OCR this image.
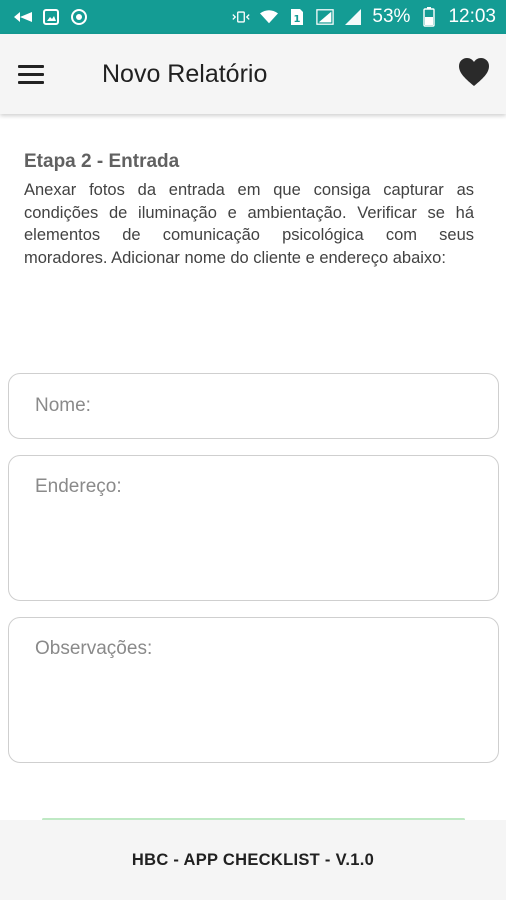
1	53% 12:03
Novo Relatório
Etapa 2 - Entrada
Anexar fotos da entrada em que consiga capturar as condições de iluminação e ambientação. Verificar se há elementos de comunicação psicológica com seus moradores. Adicionar nome do cliente e endereço abaixo:
Nome:
Endereço:
Observações:
HBC - APP CHECKLIST - V.1.0
